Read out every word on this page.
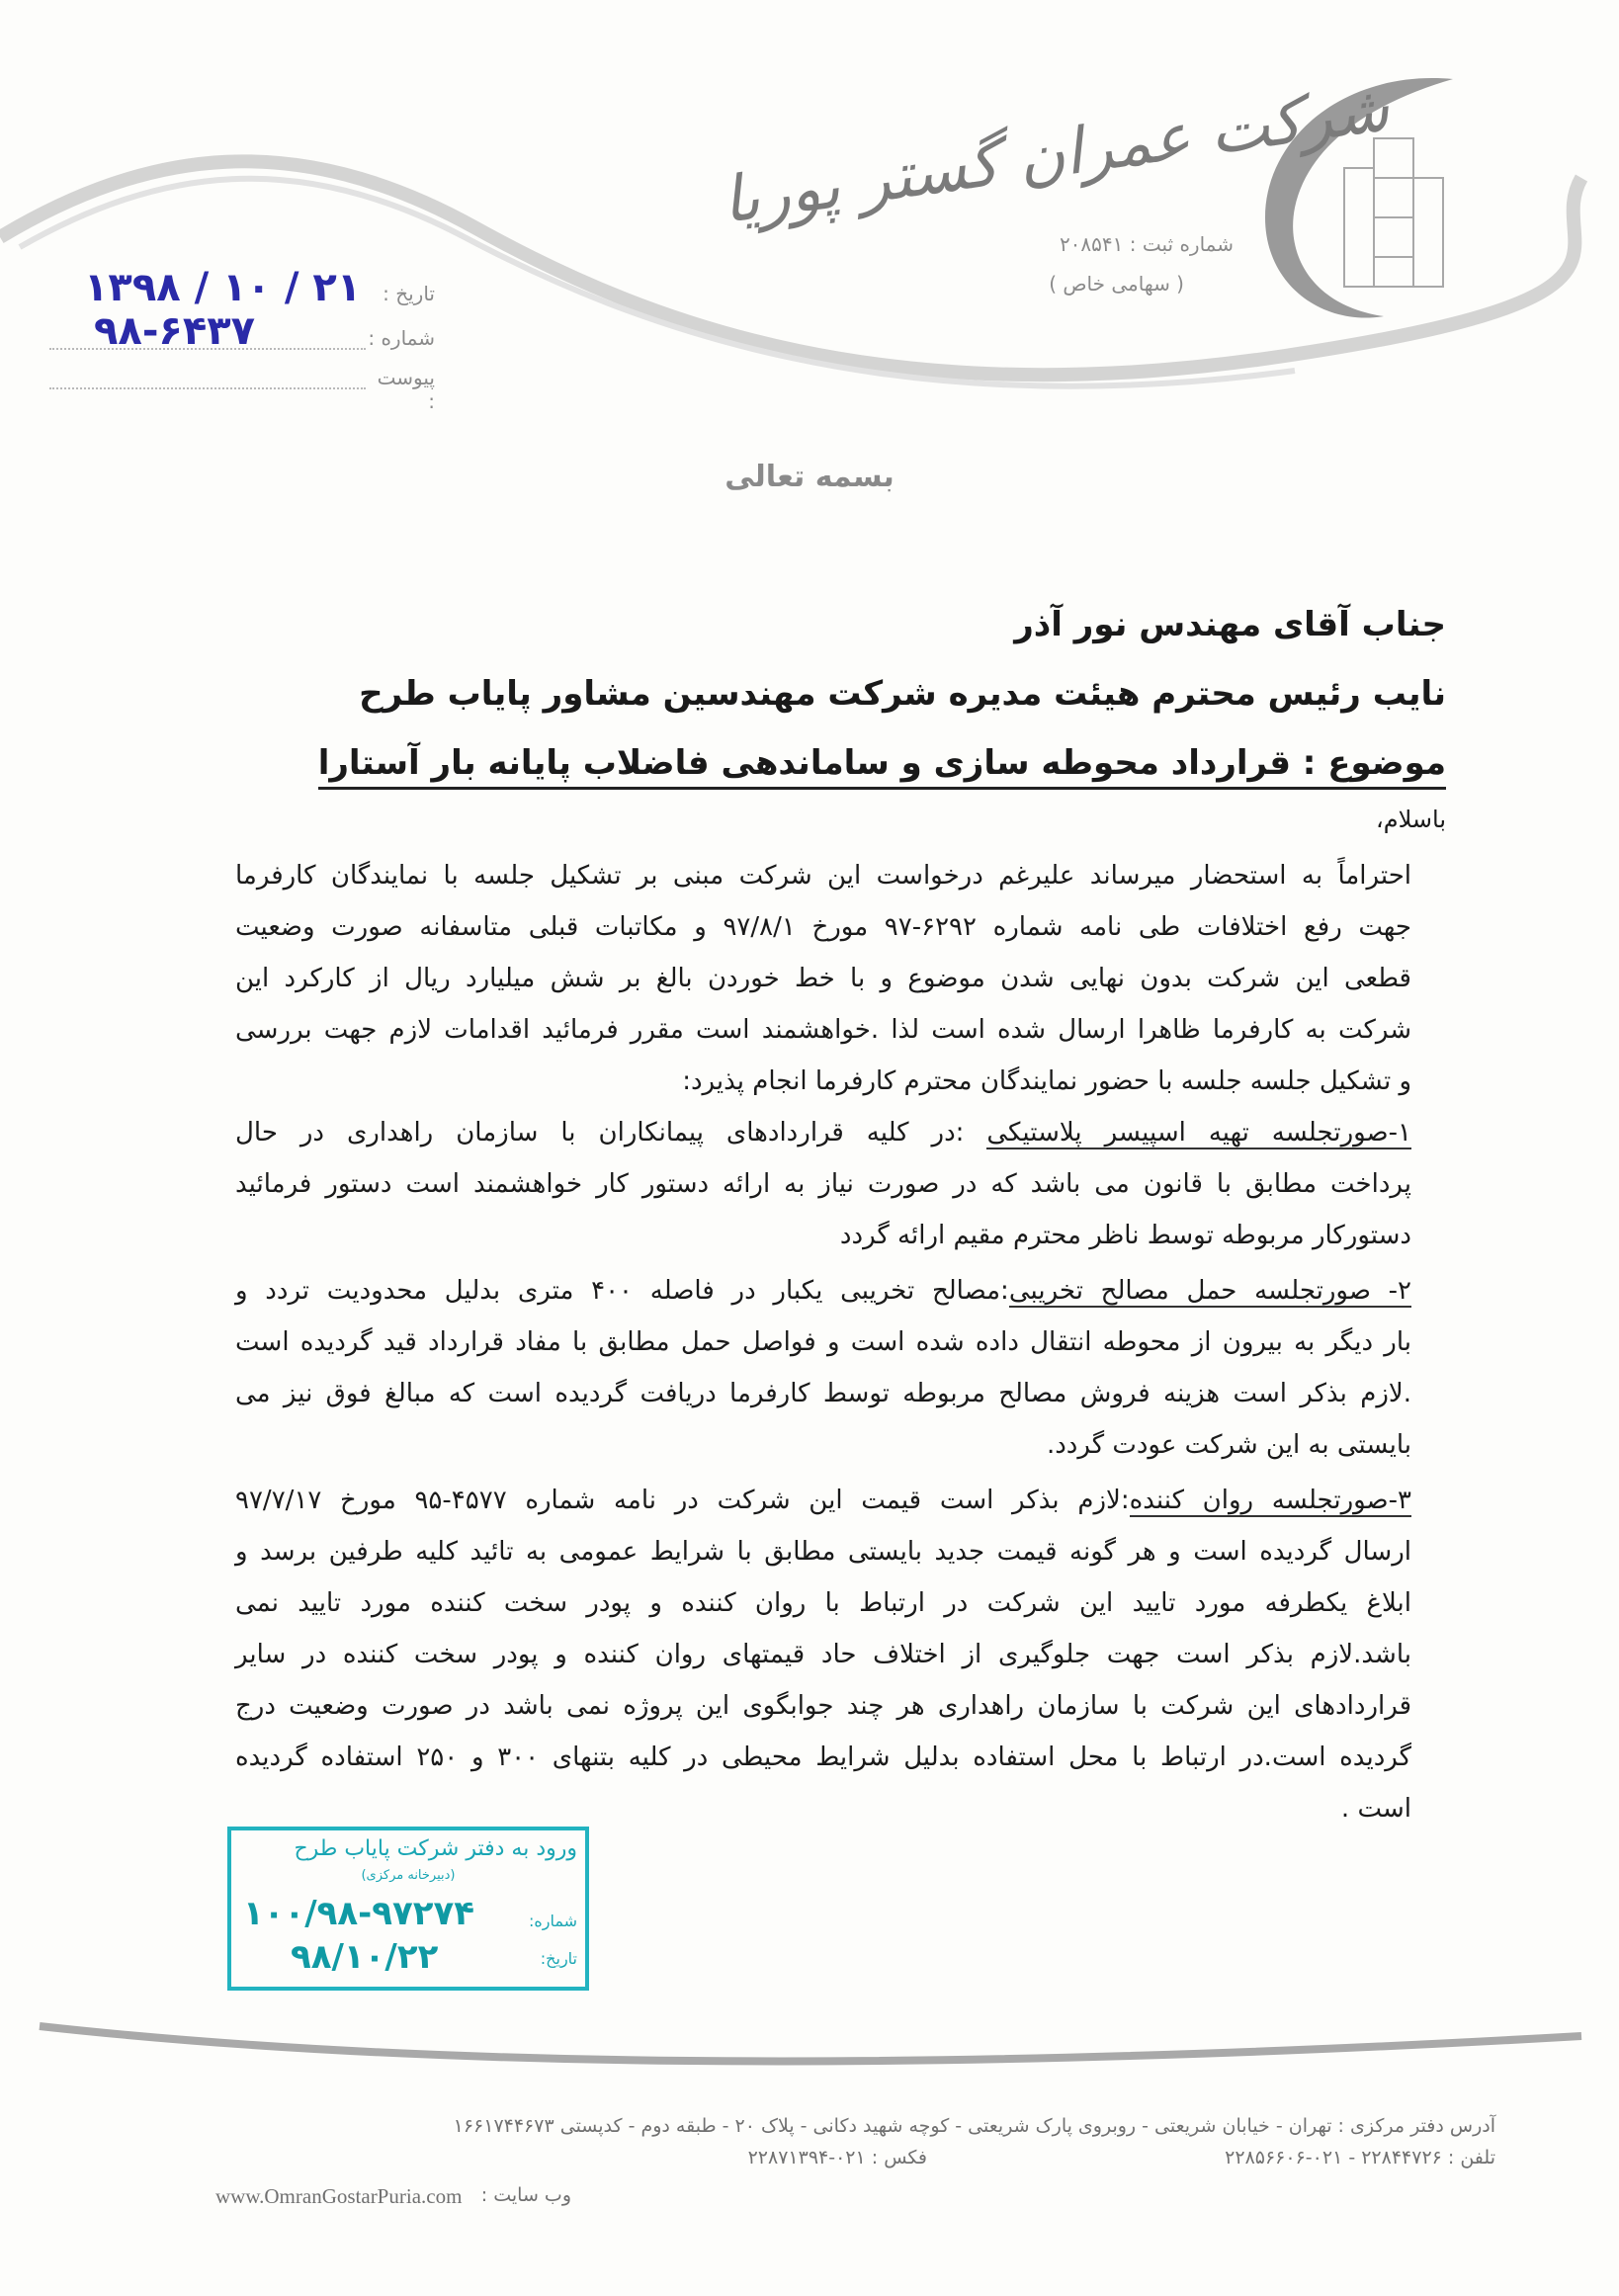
شرکت عمران گستر پوریا
شماره ثبت : ۲۰۸۵۴۱
( سهامی خاص )
تاریخ :
۱۳۹۸ / ۱۰ / ۲۱
شماره :
۹۸-۶۴۳۷
پیوست :
بسمه تعالی
جناب آقای مهندس نور آذر
نایب رئیس محترم هیئت مدیره شرکت مهندسین مشاور پایاب طرح
موضوع : قرارداد محوطه سازی و ساماندهی فاضلاب پایانه بار آستارا
باسلام،
احتراماً به استحضار میرساند علیرغم درخواست این شرکت مبنی بر تشکیل جلسه با نمایندگان کارفرما
جهت رفع اختلافات طی نامه شماره ۶۲۹۲-۹۷ مورخ ۹۷/۸/۱ و مکاتبات قبلی متاسفانه صورت وضعیت
قطعی این شرکت بدون نهایی شدن موضوع و با خط خوردن بالغ بر شش میلیارد ریال از کارکرد این
شرکت به کارفرما ظاهرا ارسال شده است لذا .خواهشمند است مقرر فرمائید اقدامات لازم جهت بررسی
و تشکیل جلسه جلسه با حضور نمایندگان محترم کارفرما انجام پذیرد:
۱-صورتجلسه تهیه اسپیسر پلاستیکی :در کلیه قراردادهای پیمانکاران با سازمان راهداری در حال
پرداخت مطابق با قانون می باشد که در صورت نیاز به ارائه دستور کار خواهشمند است دستور فرمائید
دستورکار مربوطه توسط ناظر محترم مقیم ارائه گردد
۲- صورتجلسه حمل مصالح تخریبی:مصالح تخریبی یکبار در فاصله ۴۰۰ متری بدلیل محدودیت تردد و
بار دیگر به بیرون از محوطه انتقال داده شده است و فواصل حمل مطابق با مفاد قرارداد قید گردیده است
.لازم بذکر است هزینه فروش مصالح مربوطه توسط کارفرما دریافت گردیده است که مبالغ فوق نیز می
بایستی به این شرکت عودت گردد.
۳-صورتجلسه روان کننده:لازم بذکر است قیمت این شرکت در نامه شماره ۴۵۷۷-۹۵ مورخ ۹۷/۷/۱۷
ارسال گردیده است و هر گونه قیمت جدید بایستی مطابق با شرایط عمومی به تائید کلیه طرفین برسد و
ابلاغ یکطرفه مورد تایید این شرکت در ارتباط با روان کننده و پودر سخت کننده مورد تایید نمی
باشد.لازم بذکر است جهت جلوگیری از اختلاف حاد قیمتهای روان کننده و پودر سخت کننده در سایر
قراردادهای این شرکت با سازمان راهداری هر چند جوابگوی این پروژه نمی باشد در صورت وضعیت درج
گردیده است.در ارتباط با محل استفاده بدلیل شرایط محیطی در کلیه بتنهای ۳۰۰ و ۲۵۰ استفاده گردیده
است .
ورود به دفتر شرکت پایاب طرح
(دبیرخانه مرکزی)
شماره:
۱۰۰/۹۸-۹۷۲۷۴
تاریخ:
۹۸/۱۰/۲۲
آدرس دفتر مرکزی : تهران - خیابان شریعتی - روبروی پارک شریعتی - کوچه شهید دکانی - پلاک ۲۰ - طبقه دوم - کدپستی ۱۶۶۱۷۴۴۶۷۳
تلفن : ۲۲۸۴۴۷۲۶ - ۰۲۱-۲۲۸۵۶۶۰۶
فکس : ۰۲۱-۲۲۸۷۱۳۹۴
وب سایت :
www.OmranGostarPuria.com
